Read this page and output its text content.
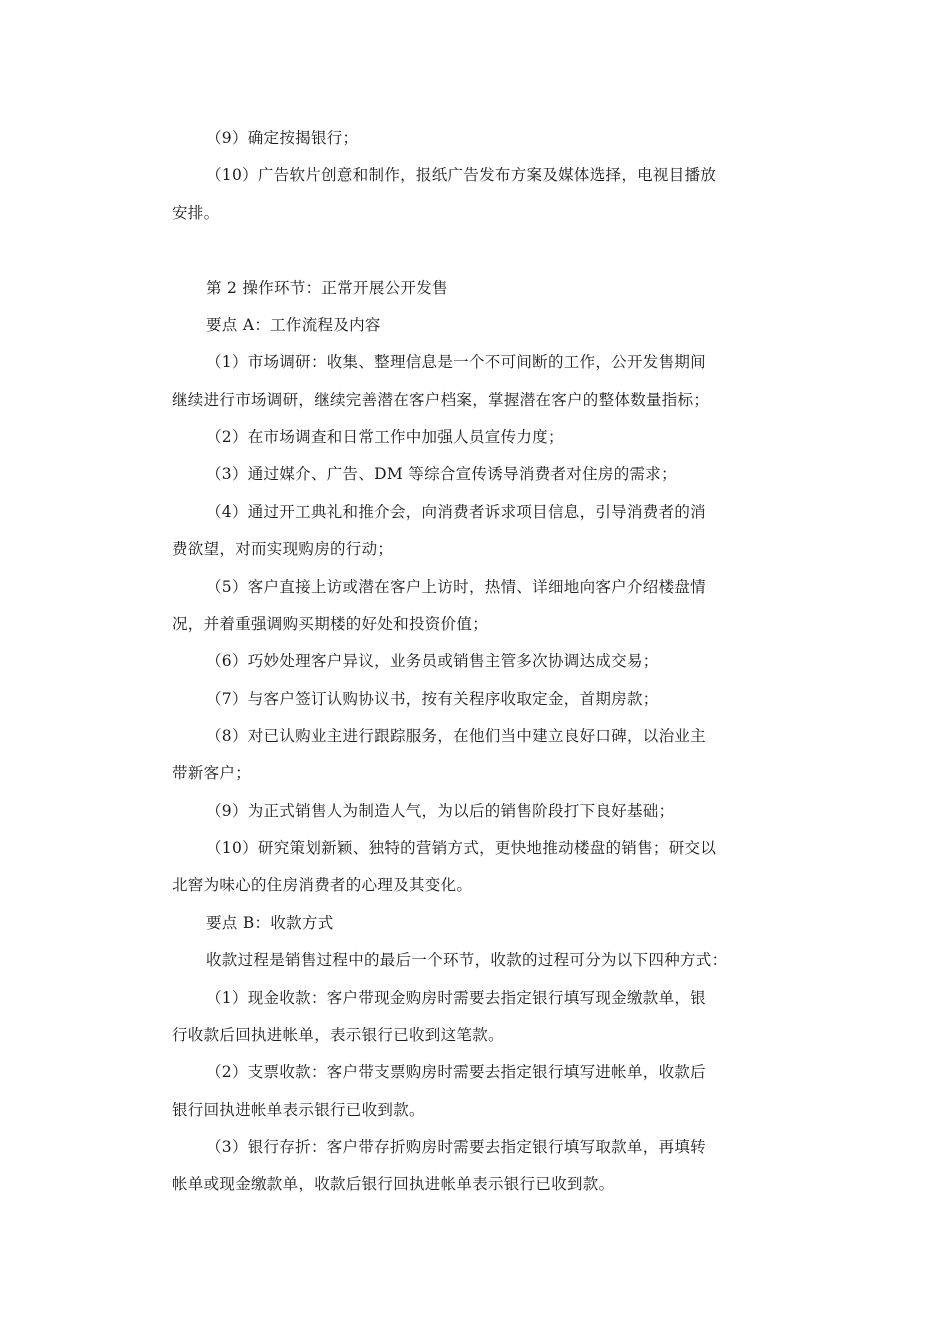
（9）确定按揭银行；
（10）广告软片创意和制作，报纸广告发布方案及媒体选择，电视目播放
安排。
第 2 操作环节：正常开展公开发售
要点 A：工作流程及内容
（1）市场调研：收集、整理信息是一个不可间断的工作，公开发售期间
继续进行市场调研，继续完善潜在客户档案，掌握潜在客户的整体数量指标；
（2）在市场调查和日常工作中加强人员宣传力度；
（3）通过媒介、广告、DM 等综合宣传诱导消费者对住房的需求；
（4）通过开工典礼和推介会，向消费者诉求项目信息，引导消费者的消
费欲望，对而实现购房的行动；
（5）客户直接上访或潜在客户上访时，热情、详细地向客户介绍楼盘情
况，并着重强调购买期楼的好处和投资价值；
（6）巧妙处理客户异议，业务员或销售主管多次协调达成交易；
（7）与客户签订认购协议书，按有关程序收取定金，首期房款；
（8）对已认购业主进行跟踪服务，在他们当中建立良好口碑，以治业主
带新客户；
（9）为正式销售人为制造人气，为以后的销售阶段打下良好基础；
（10）研究策划新颖、独特的营销方式，更快地推动楼盘的销售；研交以
北窖为味心的住房消费者的心理及其变化。
要点 B：收款方式
收款过程是销售过程中的最后一个环节，收款的过程可分为以下四种方式：
（1）现金收款：客户带现金购房时需要去指定银行填写现金缴款单，银
行收款后回执进帐单，表示银行已收到这笔款。
（2）支票收款：客户带支票购房时需要去指定银行填写进帐单，收款后
银行回执进帐单表示银行已收到款。
（3）银行存折：客户带存折购房时需要去指定银行填写取款单，再填转
帐单或现金缴款单，收款后银行回执进帐单表示银行已收到款。
